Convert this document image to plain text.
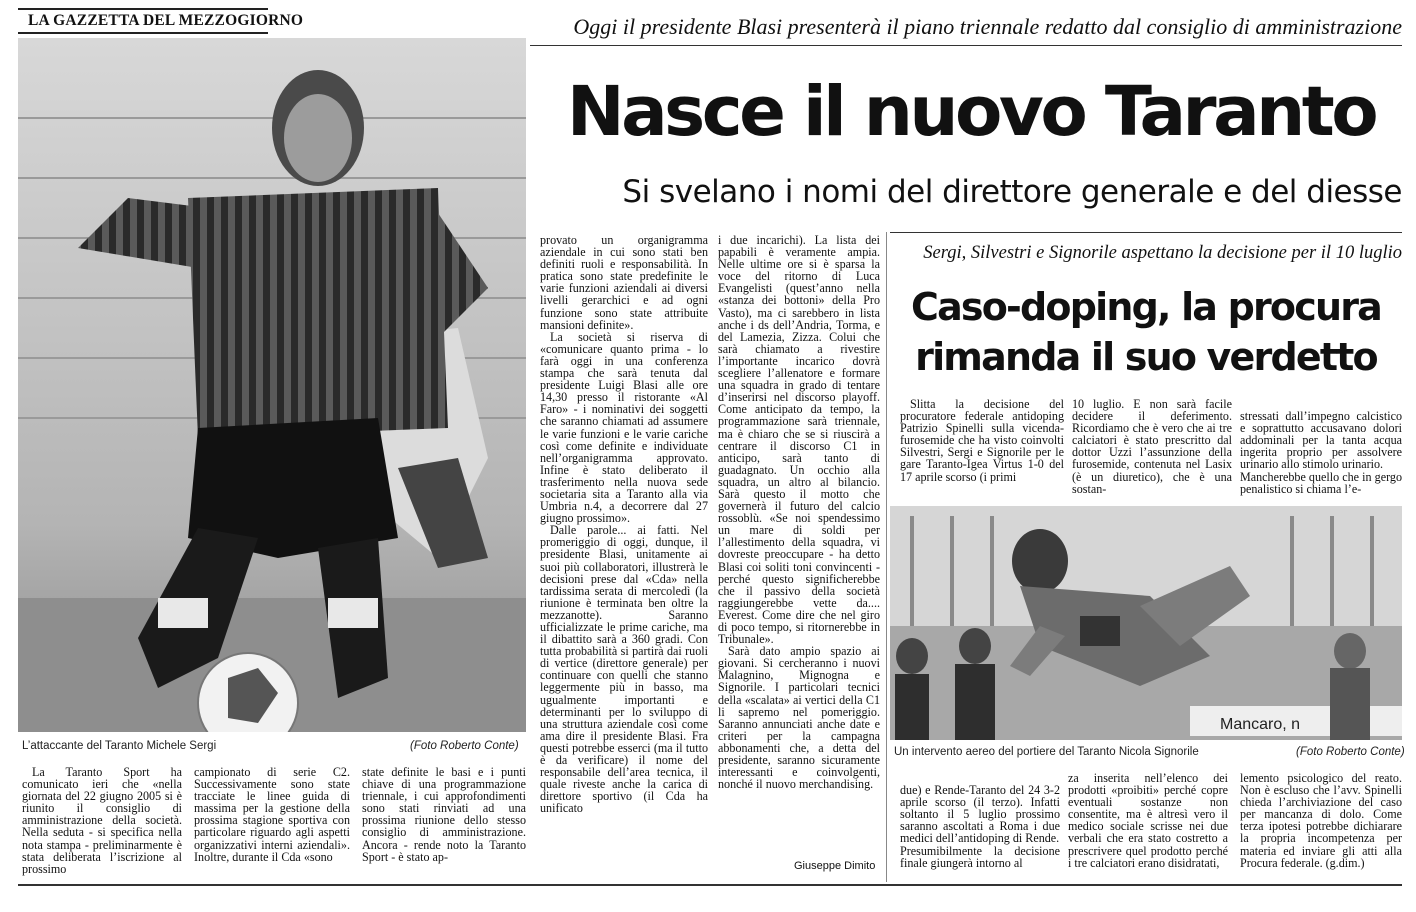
LA GAZZETTA DEL MEZZOGIORNO	Oggi il presidente Blasi presenterà il piano triennale redatto dal consiglio di amministrazione
Nasce il nuovo Taranto
Si svelano i nomi del direttore generale e del diesse
L’attaccante del Taranto Michele Sergi	(Foto Roberto Conte)

provato un organigramma aziendale in cui sono stati ben definiti ruoli e responsabilità. In pratica sono state predefinite le varie funzioni aziendali ai diversi livelli gerarchici e ad ogni funzione sono state attribuite mansioni definite».

La società si riserva di «comunicare quanto prima - lo farà oggi in una conferenza stampa che sarà tenuta dal presidente Luigi Blasi alle ore 14,30 presso il ristorante «Al Faro» - i nominativi dei soggetti che saranno chiamati ad assumere le varie funzioni e le varie cariche così come definite e individuate nell’organigramma approvato. Infine è stato deliberato il trasferimento nella nuova sede societaria sita a Taranto alla via Umbria n.4, a decorrere dal 27 giugno prossimo».

Dalle parole... ai fatti. Nel promeriggio di oggi, dunque, il presidente Blasi, unitamente ai suoi più collaboratori, illustrerà le decisioni prese dal «Cda» nella tardissima serata di mercoledì (la riunione è terminata ben oltre la mezzanotte). Saranno ufficializzate le prime cariche, ma il dibattito sarà a 360 gradi. Con tutta probabilità si partirà dai ruoli di vertice (direttore generale) per continuare con quelli che stanno leggermente più in basso, ma ugualmente importanti e determinanti per lo sviluppo di una struttura aziendale così come ama dire il presidente Blasi. Fra questi potrebbe esserci (ma il tutto è da verificare) il nome del responsabile dell’area tecnica, il quale riveste anche la carica di direttore sportivo (il Cda ha unificato

i due incarichi). La lista dei papabili è veramente ampia. Nelle ultime ore si è sparsa la voce del ritorno di Luca Evangelisti (quest’anno nella «stanza dei bottoni» della Pro Vasto), ma ci sarebbero in lista anche i ds dell’Andria, Torma, e del Lamezia, Zizza. Colui che sarà chiamato a rivestire l’importante incarico dovrà scegliere l’allenatore e formare una squadra in grado di tentare d’inserirsi nel discorso playoff. Come anticipato da tempo, la programmazione sarà triennale, ma è chiaro che se si riuscirà a centrare il discorso C1 in anticipo, sarà tanto di guadagnato. Un occhio alla squadra, un altro al bilancio. Sarà questo il motto che governerà il futuro del calcio rossoblù. «Se noi spendessimo un mare di soldi per l’allestimento della squadra, vi dovreste preoccupare - ha detto Blasi coi soliti toni convincenti - perché questo significherebbe che il passivo della società raggiungerebbe vette da.... Everest. Come dire che nel giro di poco tempo, si ritornerebbe in Tribunale».

Sarà dato ampio spazio ai giovani. Si cercheranno i nuovi Malagnino, Mignogna e Signorile. I particolari tecnici della «scalata» ai vertici della C1 li sapremo nel pomeriggio. Saranno annunciati anche date e criteri per la campagna abbonamenti che, a detta del presidente, saranno sicuramente interessanti e coinvolgenti, nonché il nuovo merchandising.

Giuseppe Dimito

La Taranto Sport ha comunicato ieri che «nella giornata del 22 giugno 2005 si è riunito il consiglio di amministrazione della società. Nella seduta - si specifica nella nota stampa - preliminarmente è stata deliberata l’iscrizione al prossimo

campionato di serie C2. Successivamente sono state tracciate le linee guida di massima per la gestione della prossima stagione sportiva con particolare riguardo agli aspetti organizzativi interni aziendali». Inoltre, durante il Cda «sono

state definite le basi e i punti chiave di una programmazione triennale, i cui approfondimenti sono stati rinviati ad una prossima riunione dello stesso consiglio di amministrazione. Ancora - rende noto la Taranto Sport - è stato ap-

Sergi, Silvestri e Signorile aspettano la decisione per il 10 luglio
Caso-doping, la procura
rimanda il suo verdetto

Slitta la decisione del procuratore federale antidoping Patrizio Spinelli sulla vicenda-furosemide che ha visto coinvolti Silvestri, Sergi e Signorile per le gare Taranto-Igea Virtus 1-0 del 17 aprile scorso (i primi

10 luglio. E non sarà facile decidere il deferimento. Ricordiamo che è vero che ai tre calciatori è stato prescritto dal dottor Uzzi l’assunzione della furosemide, contenuta nel Lasix (è un diuretico), che è una sostan-

stressati dall’impegno calcistico e soprattutto accusavano dolori addominali per la tanta acqua ingerita proprio per assolvere urinario allo stimolo urinario.
Mancherebbe quello che in gergo penalistico si chiama l’e-

Mancaro, n
Un intervento aereo del portiere del Taranto Nicola Signorile	(Foto Roberto Conte)

due) e Rende-Taranto del 24 3-2 aprile scorso (il terzo). Infatti soltanto il 5 luglio prossimo saranno ascoltati a Roma i due medici dell’antidoping di Rende.
Presumibilmente la decisione finale giungerà intorno al

za inserita nell’elenco dei prodotti «proibiti» perché copre eventuali sostanze non consentite, ma è altresì vero il medico sociale scrisse nei due verbali che era stato costretto a prescrivere quel prodotto perché i tre calciatori erano disidratati,

lemento psicologico del reato. Non è escluso che l’avv. Spinelli chieda l’archiviazione del caso per mancanza di dolo. Come terza ipotesi potrebbe dichiarare la propria incompetenza per materia ed inviare gli atti alla Procura federale. (g.dim.)
